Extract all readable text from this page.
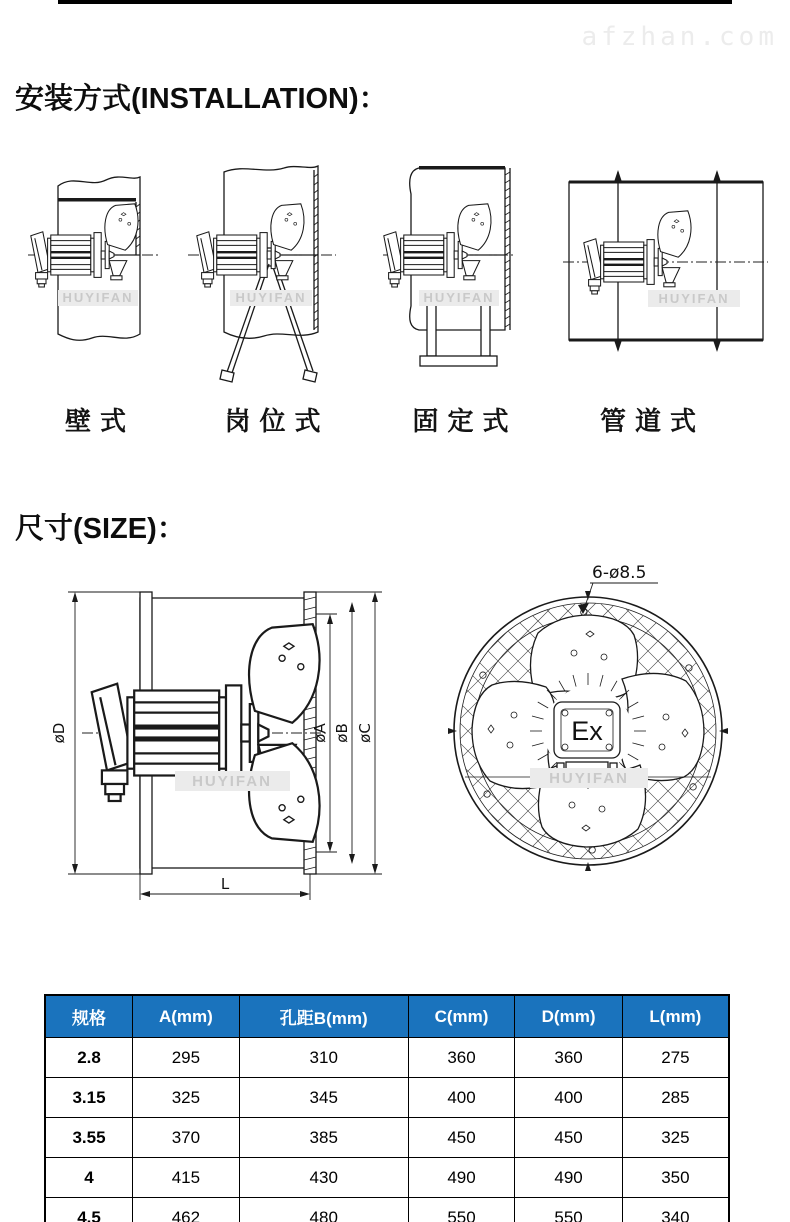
afzhan.com
安装方式(INSTALLATION)：
HUYIFAN	HUYIFAN	HUYIFAN	HUYIFAN
壁 式	岗 位 式	固 定 式	管 道 式
尺寸(SIZE)：
øD	øA øB øC
L
HUYIFAN
Ex
6-ø8.5
HUYIFAN
规格	A(mm)	孔距B(mm)	C(mm)	D(mm)	L(mm)
2.8	295	310	360	360	275
3.15	325	345	400	400	285
3.55	370	385	450	450	325
4	415	430	490	490	350
4.5	462	480	550	550	340
